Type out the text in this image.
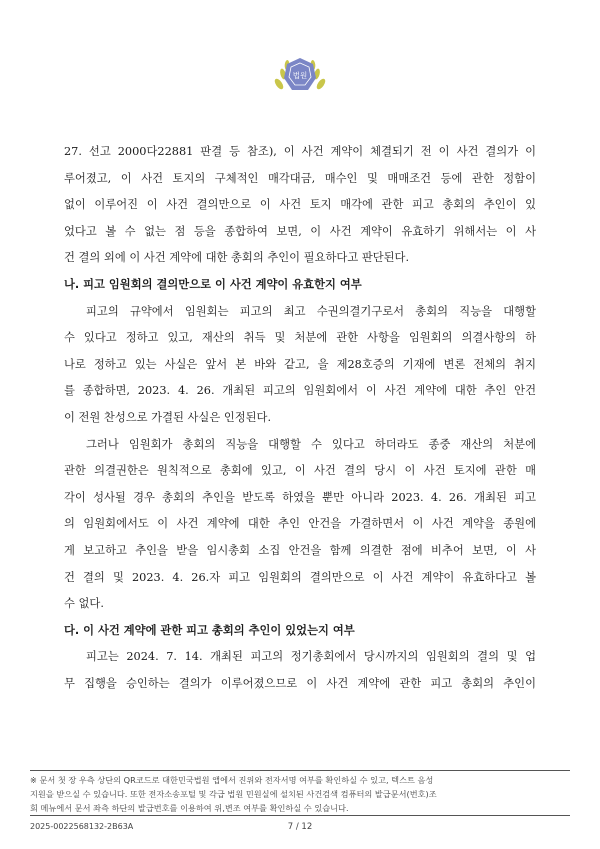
법원

27. 선고 2000다22881 판결 등 참조), 이 사건 계약이 체결되기 전 이 사건 결의가 이

루어졌고, 이 사건 토지의 구체적인 매각대금, 매수인 및 매매조건 등에 관한 정함이

없이 이루어진 이 사건 결의만으로 이 사건 토지 매각에 관한 피고 총회의 추인이 있

었다고 볼 수 없는 점 등을 종합하여 보면, 이 사건 계약이 유효하기 위해서는 이 사

건 결의 외에 이 사건 계약에 대한 총회의 추인이 필요하다고 판단된다.

나. 피고 임원회의 결의만으로 이 사건 계약이 유효한지 여부

피고의 규약에서 임원회는 피고의 최고 수권의결기구로서 총회의 직능을 대행할

수 있다고 정하고 있고, 재산의 취득 및 처분에 관한 사항을 임원회의 의결사항의 하

나로 정하고 있는 사실은 앞서 본 바와 같고, 을 제28호증의 기재에 변론 전체의 취지

를 종합하면, 2023. 4. 26. 개최된 피고의 임원회에서 이 사건 계약에 대한 추인 안건

이 전원 찬성으로 가결된 사실은 인정된다.

그러나 임원회가 총회의 직능을 대행할 수 있다고 하더라도 종중 재산의 처분에

관한 의결권한은 원칙적으로 총회에 있고, 이 사건 결의 당시 이 사건 토지에 관한 매

각이 성사될 경우 총회의 추인을 받도록 하였을 뿐만 아니라 2023. 4. 26. 개최된 피고

의 임원회에서도 이 사건 계약에 대한 추인 안건을 가결하면서 이 사건 계약을 종원에

게 보고하고 추인을 받을 임시총회 소집 안건을 함께 의결한 점에 비추어 보면, 이 사

건 결의 및 2023. 4. 26.자 피고 임원회의 결의만으로 이 사건 계약이 유효하다고 볼

수 없다.

다. 이 사건 계약에 관한 피고 총회의 추인이 있었는지 여부

피고는 2024. 7. 14. 개최된 피고의 정기총회에서 당시까지의 임원회의 결의 및 업

무 집행을 승인하는 결의가 이루어졌으므로 이 사건 계약에 관한 피고 총회의 추인이

※ 문서 첫 장 우측 상단의 QR코드로 대한민국법원 앱에서 진위와 전자서명 여부를 확인하실 수 있고, 텍스트 음성
지원을 받으실 수 있습니다. 또한 전자소송포털 및 각급 법원 민원실에 설치된 사건검색 컴퓨터의 발급문서(번호)조
회 메뉴에서 문서 좌측 하단의 발급번호를 이용하여 위,변조 여부를 확인하실 수 있습니다.
2025-0022568132-2B63A	7 / 12
